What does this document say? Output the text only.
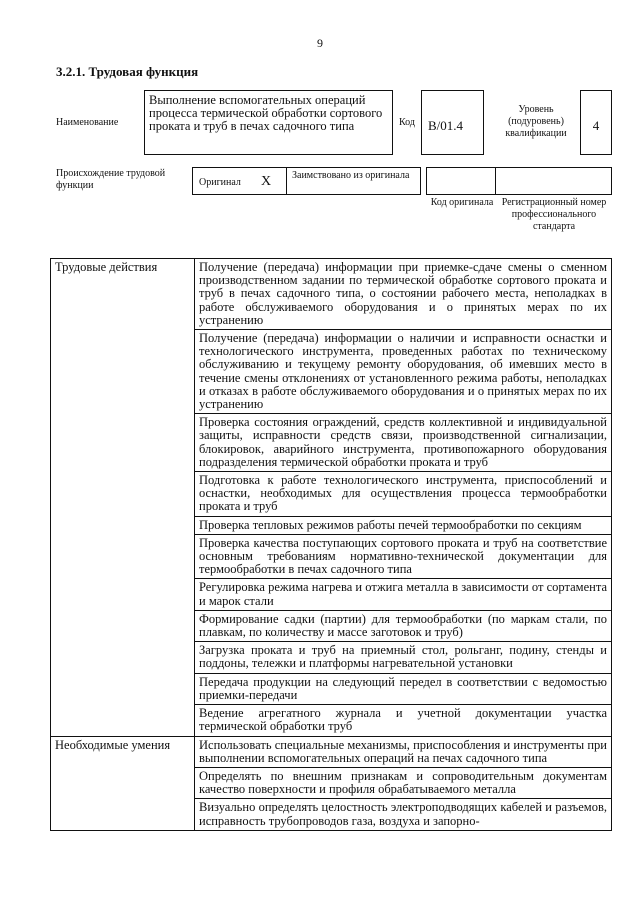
9
3.2.1. Трудовая функция
Наименование
Выполнение вспомогательных операций процесса термической обработки сортового проката и труб в печах садочного типа	Код	B/01.4
Уровень (подуровень) квалификации
4
Происхождение трудовой функции	Оригинал X Заимствовано из оригинала
Код оригинала Регистрационный номер профессионального стандарта
Трудовые действия	Получение (передача) информации при приемке-сдаче смены о сменном производственном задании по термической обработке сортового проката и труб в печах садочного типа, о состоянии рабочего места, неполадках в работе обслуживаемого оборудования и о принятых мерах по их устранению
	Получение (передача) информации о наличии и исправности оснастки и технологического инструмента, проведенных работах по техническому обслуживанию и текущему ремонту оборудования, об имевших место в течение смены отклонениях от установленного режима работы, неполадках и отказах в работе обслуживаемого оборудования и о принятых мерах по их устранению
	Проверка состояния ограждений, средств коллективной и индивидуальной защиты, исправности средств связи, производственной сигнализации, блокировок, аварийного инструмента, противопожарного оборудования подразделения термической обработки проката и труб
	Подготовка к работе технологического инструмента, приспособлений и оснастки, необходимых для осуществления процесса термообработки проката и труб
	Проверка тепловых режимов работы печей термообработки по секциям
	Проверка качества поступающих сортового проката и труб на соответствие основным требованиям нормативно-технической документации для термообработки в печах садочного типа
	Регулировка режима нагрева и отжига металла в зависимости от сортамента и марок стали
	Формирование садки (партии) для термообработки (по маркам стали, по плавкам, по количеству и массе заготовок и труб)
	Загрузка проката и труб на приемный стол, рольганг, подину, стенды и поддоны, тележки и платформы нагревательной установки
	Передача продукции на следующий передел в соответствии с ведомостью приемки-передачи
	Ведение агрегатного журнала и учетной документации участка термической обработки труб
Необходимые умения	Использовать специальные механизмы, приспособления и инструменты при выполнении вспомогательных операций на печах садочного типа
	Определять по внешним признакам и сопроводительным документам качество поверхности и профиля обрабатываемого металла
	Визуально определять целостность электроподводящих кабелей и разъемов, исправность трубопроводов газа, воздуха и запорно-
